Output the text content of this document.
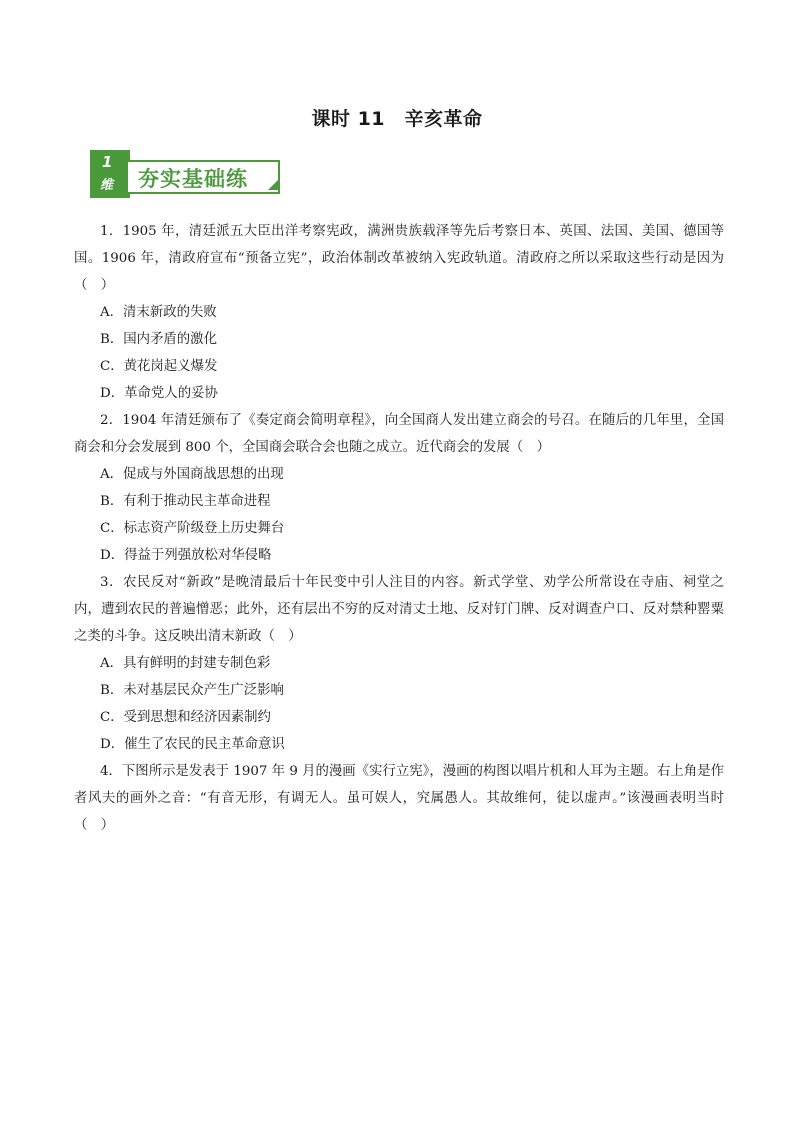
课时 11　辛亥革命
1
维 夯实基础练

1．1905 年，清廷派五大臣出洋考察宪政，满洲贵族载泽等先后考察日本、英国、法国、美国、德国等国。1906 年，清政府宣布“预备立宪”，政治体制改革被纳入宪政轨道。清政府之所以采取这些行动是因为（　）

A．清末新政的失败

B．国内矛盾的激化

C．黄花岗起义爆发

D．革命党人的妥协

2．1904 年清廷颁布了《奏定商会简明章程》，向全国商人发出建立商会的号召。在随后的几年里，全国商会和分会发展到 800 个，全国商会联合会也随之成立。近代商会的发展（　）

A．促成与外国商战思想的出现

B．有利于推动民主革命进程

C．标志资产阶级登上历史舞台

D．得益于列强放松对华侵略

3．农民反对“新政”是晚清最后十年民变中引人注目的内容。新式学堂、劝学公所常设在寺庙、祠堂之内，遭到农民的普遍憎恶；此外，还有层出不穷的反对清丈土地、反对钉门牌、反对调查户口、反对禁种罂粟之类的斗争。这反映出清末新政（　）

A．具有鲜明的封建专制色彩

B．未对基层民众产生广泛影响

C．受到思想和经济因素制约

D．催生了农民的民主革命意识

4．下图所示是发表于 1907 年 9 月的漫画《实行立宪》，漫画的构图以唱片机和人耳为主题。右上角是作者风夫的画外之音：“有音无形，有调无人。虽可娱人，究属愚人。其故维何，徒以虚声。”该漫画表明当时（　）
